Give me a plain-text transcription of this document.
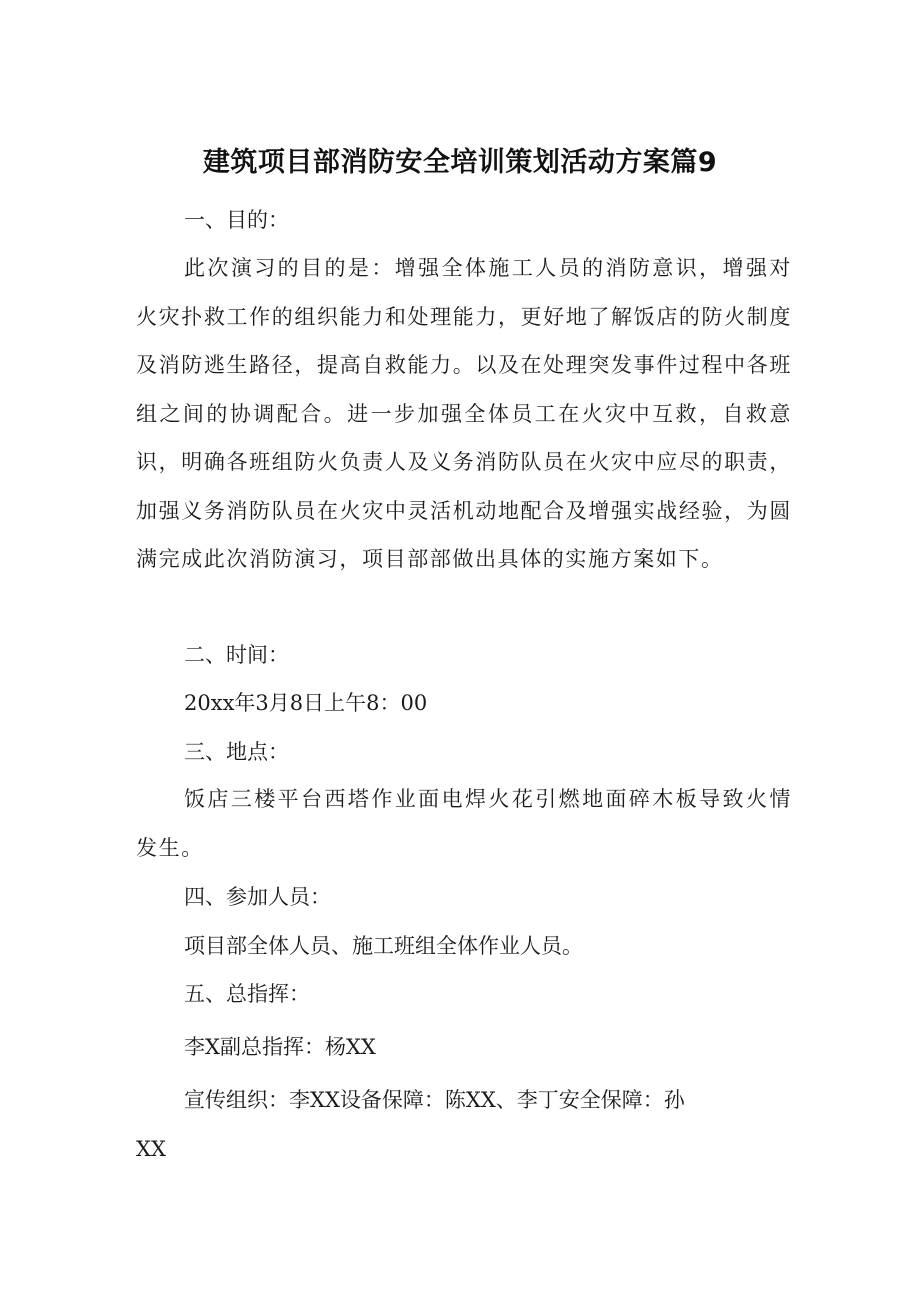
建筑项目部消防安全培训策划活动方案篇9
一、目的：
此次演习的目的是：增强全体施工人员的消防意识，增强对火灾扑救工作的组织能力和处理能力，更好地了解饭店的防火制度及消防逃生路径，提高自救能力。以及在处理突发事件过程中各班组之间的协调配合。进一步加强全体员工在火灾中互救，自救意识，明确各班组防火负责人及义务消防队员在火灾中应尽的职责，加强义务消防队员在火灾中灵活机动地配合及增强实战经验，为圆满完成此次消防演习，项目部部做出具体的实施方案如下。
二、时间：
20xx年3月8日上午8：00
三、地点：
饭店三楼平台西塔作业面电焊火花引燃地面碎木板导致火情发生。
四、参加人员：
项目部全体人员、施工班组全体作业人员。
五、总指挥：
李X副总指挥：杨XX
宣传组织：李XX设备保障：陈XX、李丁安全保障：孙
XX
